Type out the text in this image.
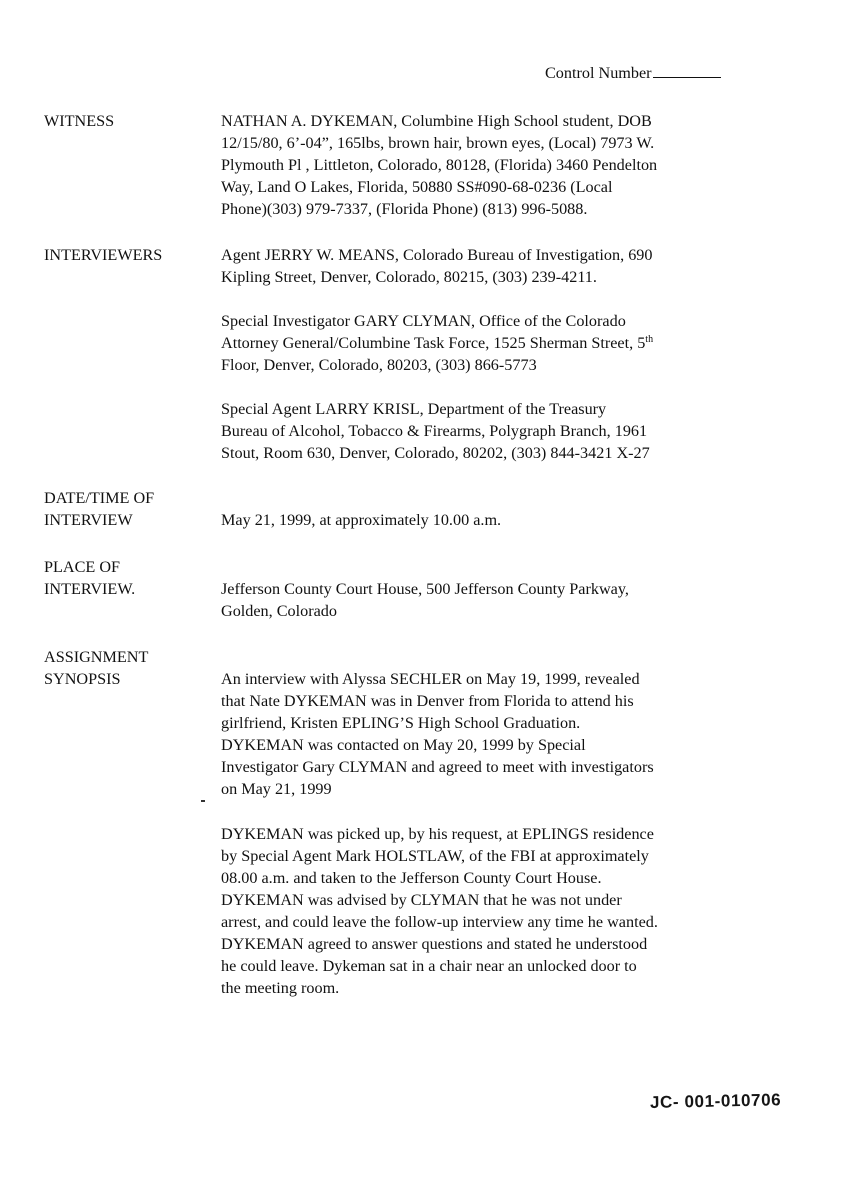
Control Number
WITNESS	NATHAN A. DYKEMAN, Columbine High School student, DOB
12/15/80, 6’-04”, 165lbs, brown hair, brown eyes, (Local) 7973 W.
Plymouth Pl , Littleton, Colorado, 80128, (Florida) 3460 Pendelton
Way, Land O Lakes, Florida, 50880 SS#090-68-0236 (Local
Phone)(303) 979-7337, (Florida Phone) (813) 996-5088.
INTERVIEWERS	Agent JERRY W. MEANS, Colorado Bureau of Investigation, 690
Kipling Street, Denver, Colorado, 80215, (303) 239-4211.
Special Investigator GARY CLYMAN, Office of the Colorado
Attorney General/Columbine Task Force, 1525 Sherman Street, 5th
Floor, Denver, Colorado, 80203, (303) 866-5773
Special Agent LARRY KRISL, Department of the Treasury
Bureau of Alcohol, Tobacco & Firearms, Polygraph Branch, 1961
Stout, Room 630, Denver, Colorado, 80202, (303) 844-3421 X-27
DATE/TIME OF
INTERVIEW	May 21, 1999, at approximately 10.00 a.m.
PLACE OF
INTERVIEW.	Jefferson County Court House, 500 Jefferson County Parkway,
Golden, Colorado
ASSIGNMENT
SYNOPSIS	An interview with Alyssa SECHLER on May 19, 1999, revealed
that Nate DYKEMAN was in Denver from Florida to attend his
girlfriend, Kristen EPLING’S High School Graduation.
DYKEMAN was contacted on May 20, 1999 by Special
Investigator Gary CLYMAN and agreed to meet with investigators
on May 21, 1999
DYKEMAN was picked up, by his request, at EPLINGS residence
by Special Agent Mark HOLSTLAW, of the FBI at approximately
08.00 a.m. and taken to the Jefferson County Court House.
DYKEMAN was advised by CLYMAN that he was not under
arrest, and could leave the follow-up interview any time he wanted.
DYKEMAN agreed to answer questions and stated he understood
he could leave. Dykeman sat in a chair near an unlocked door to
the meeting room.
JC- 001-010706
